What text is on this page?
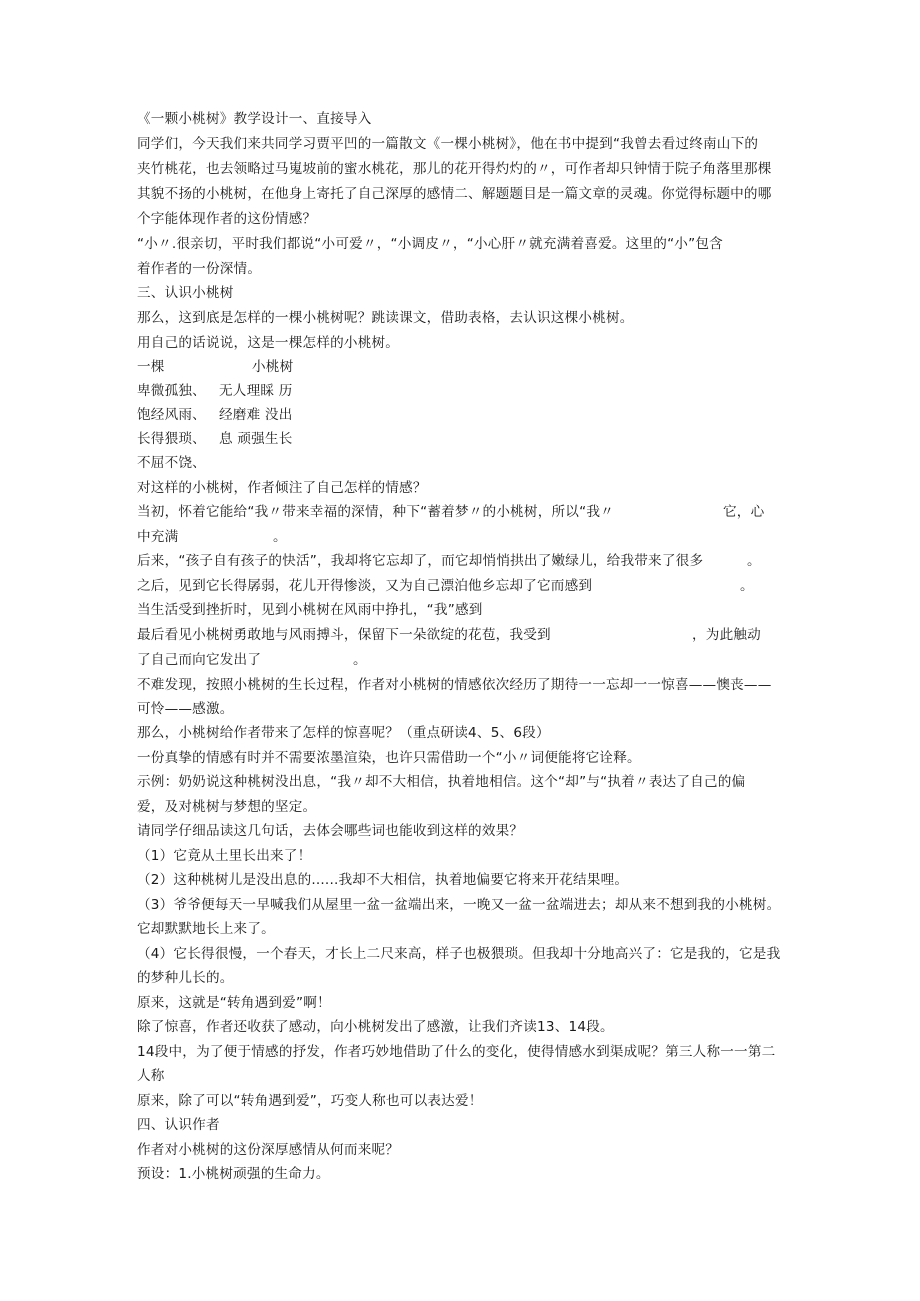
《一颗小桃树》教学设计一、直接导入
同学们，今天我们来共同学习贾平凹的一篇散文《一棵小桃树》，他在书中提到“我曾去看过终南山下的
夹竹桃花，也去领略过马嵬坡前的蜜水桃花，那儿的花开得灼灼的〃，可作者却只钟情于院子角落里那棵
其貌不扬的小桃树，在他身上寄托了自己深厚的感情二、解题题目是一篇文章的灵魂。你觉得标题中的哪
个字能体现作者的这份情感？
“小〃.很亲切，平时我们都说“小可爱〃，“小调皮〃，“小心肝〃就充满着喜爱。这里的“小”包含
着作者的一份深情。
三、认识小桃树
那么，这到底是怎样的一棵小桃树呢？跳读课文，借助表格，去认识这棵小桃树。
用自己的话说说，这是一棵怎样的小桃树。
一棵	小桃树
卑微孤独、 无人理睬 历
饱经风雨、 经磨难 没出
长得猥琐、 息 顽强生长
不屈不饶、
对这样的小桃树，作者倾注了自己怎样的情感？
当初，怀着它能给“我〃带来幸福的深情，种下“蓄着梦〃的小桃树，所以“我〃	它，心
中充满	。
后来，“孩子自有孩子的快活”，我却将它忘却了，而它却悄悄拱出了嫩绿儿，给我带来了很多	。
之后，见到它长得孱弱，花儿开得惨淡，又为自己漂泊他乡忘却了它而感到	。
当生活受到挫折时，见到小桃树在风雨中挣扎，“我”感到
最后看见小桃树勇敢地与风雨搏斗，保留下一朵欲绽的花苞，我受到	，为此触动
了自己而向它发出了	。
不难发现，按照小桃树的生长过程，作者对小桃树的情感依次经历了期待一一忘却一一惊喜——懊丧——
可怜——感激。
那么，小桃树给作者带来了怎样的惊喜呢？（重点研读4、5、6段）
一份真挚的情感有时并不需要浓墨渲染，也许只需借助一个“小〃词便能将它诠释。
示例：奶奶说这种桃树没出息，“我〃却不大相信，执着地相信。这个“却”与“执着〃表达了自己的偏
爱，及对桃树与梦想的坚定。
请同学仔细品读这几句话，去体会哪些词也能收到这样的效果？
（1）它竟从土里长出来了！
（2）这种桃树儿是没出息的......我却不大相信，执着地偏要它将来开花结果哩。
（3）爷爷便每天一早喊我们从屋里一盆一盆端出来，一晚又一盆一盆端进去；却从来不想到我的小桃树。
它却默默地长上来了。
（4）它长得很慢，一个春天，才长上二尺来高，样子也极猥琐。但我却十分地高兴了：它是我的，它是我
的梦种儿长的。
原来，这就是“转角遇到爱”啊！
除了惊喜，作者还收获了感动，向小桃树发出了感激，让我们齐读13、14段。
14段中，为了便于情感的抒发，作者巧妙地借助了什么的变化，使得情感水到渠成呢？第三人称一一第二
人称
原来，除了可以“转角遇到爱”，巧变人称也可以表达爱！
四、认识作者
作者对小桃树的这份深厚感情从何而来呢？
预设：1.小桃树顽强的生命力。
